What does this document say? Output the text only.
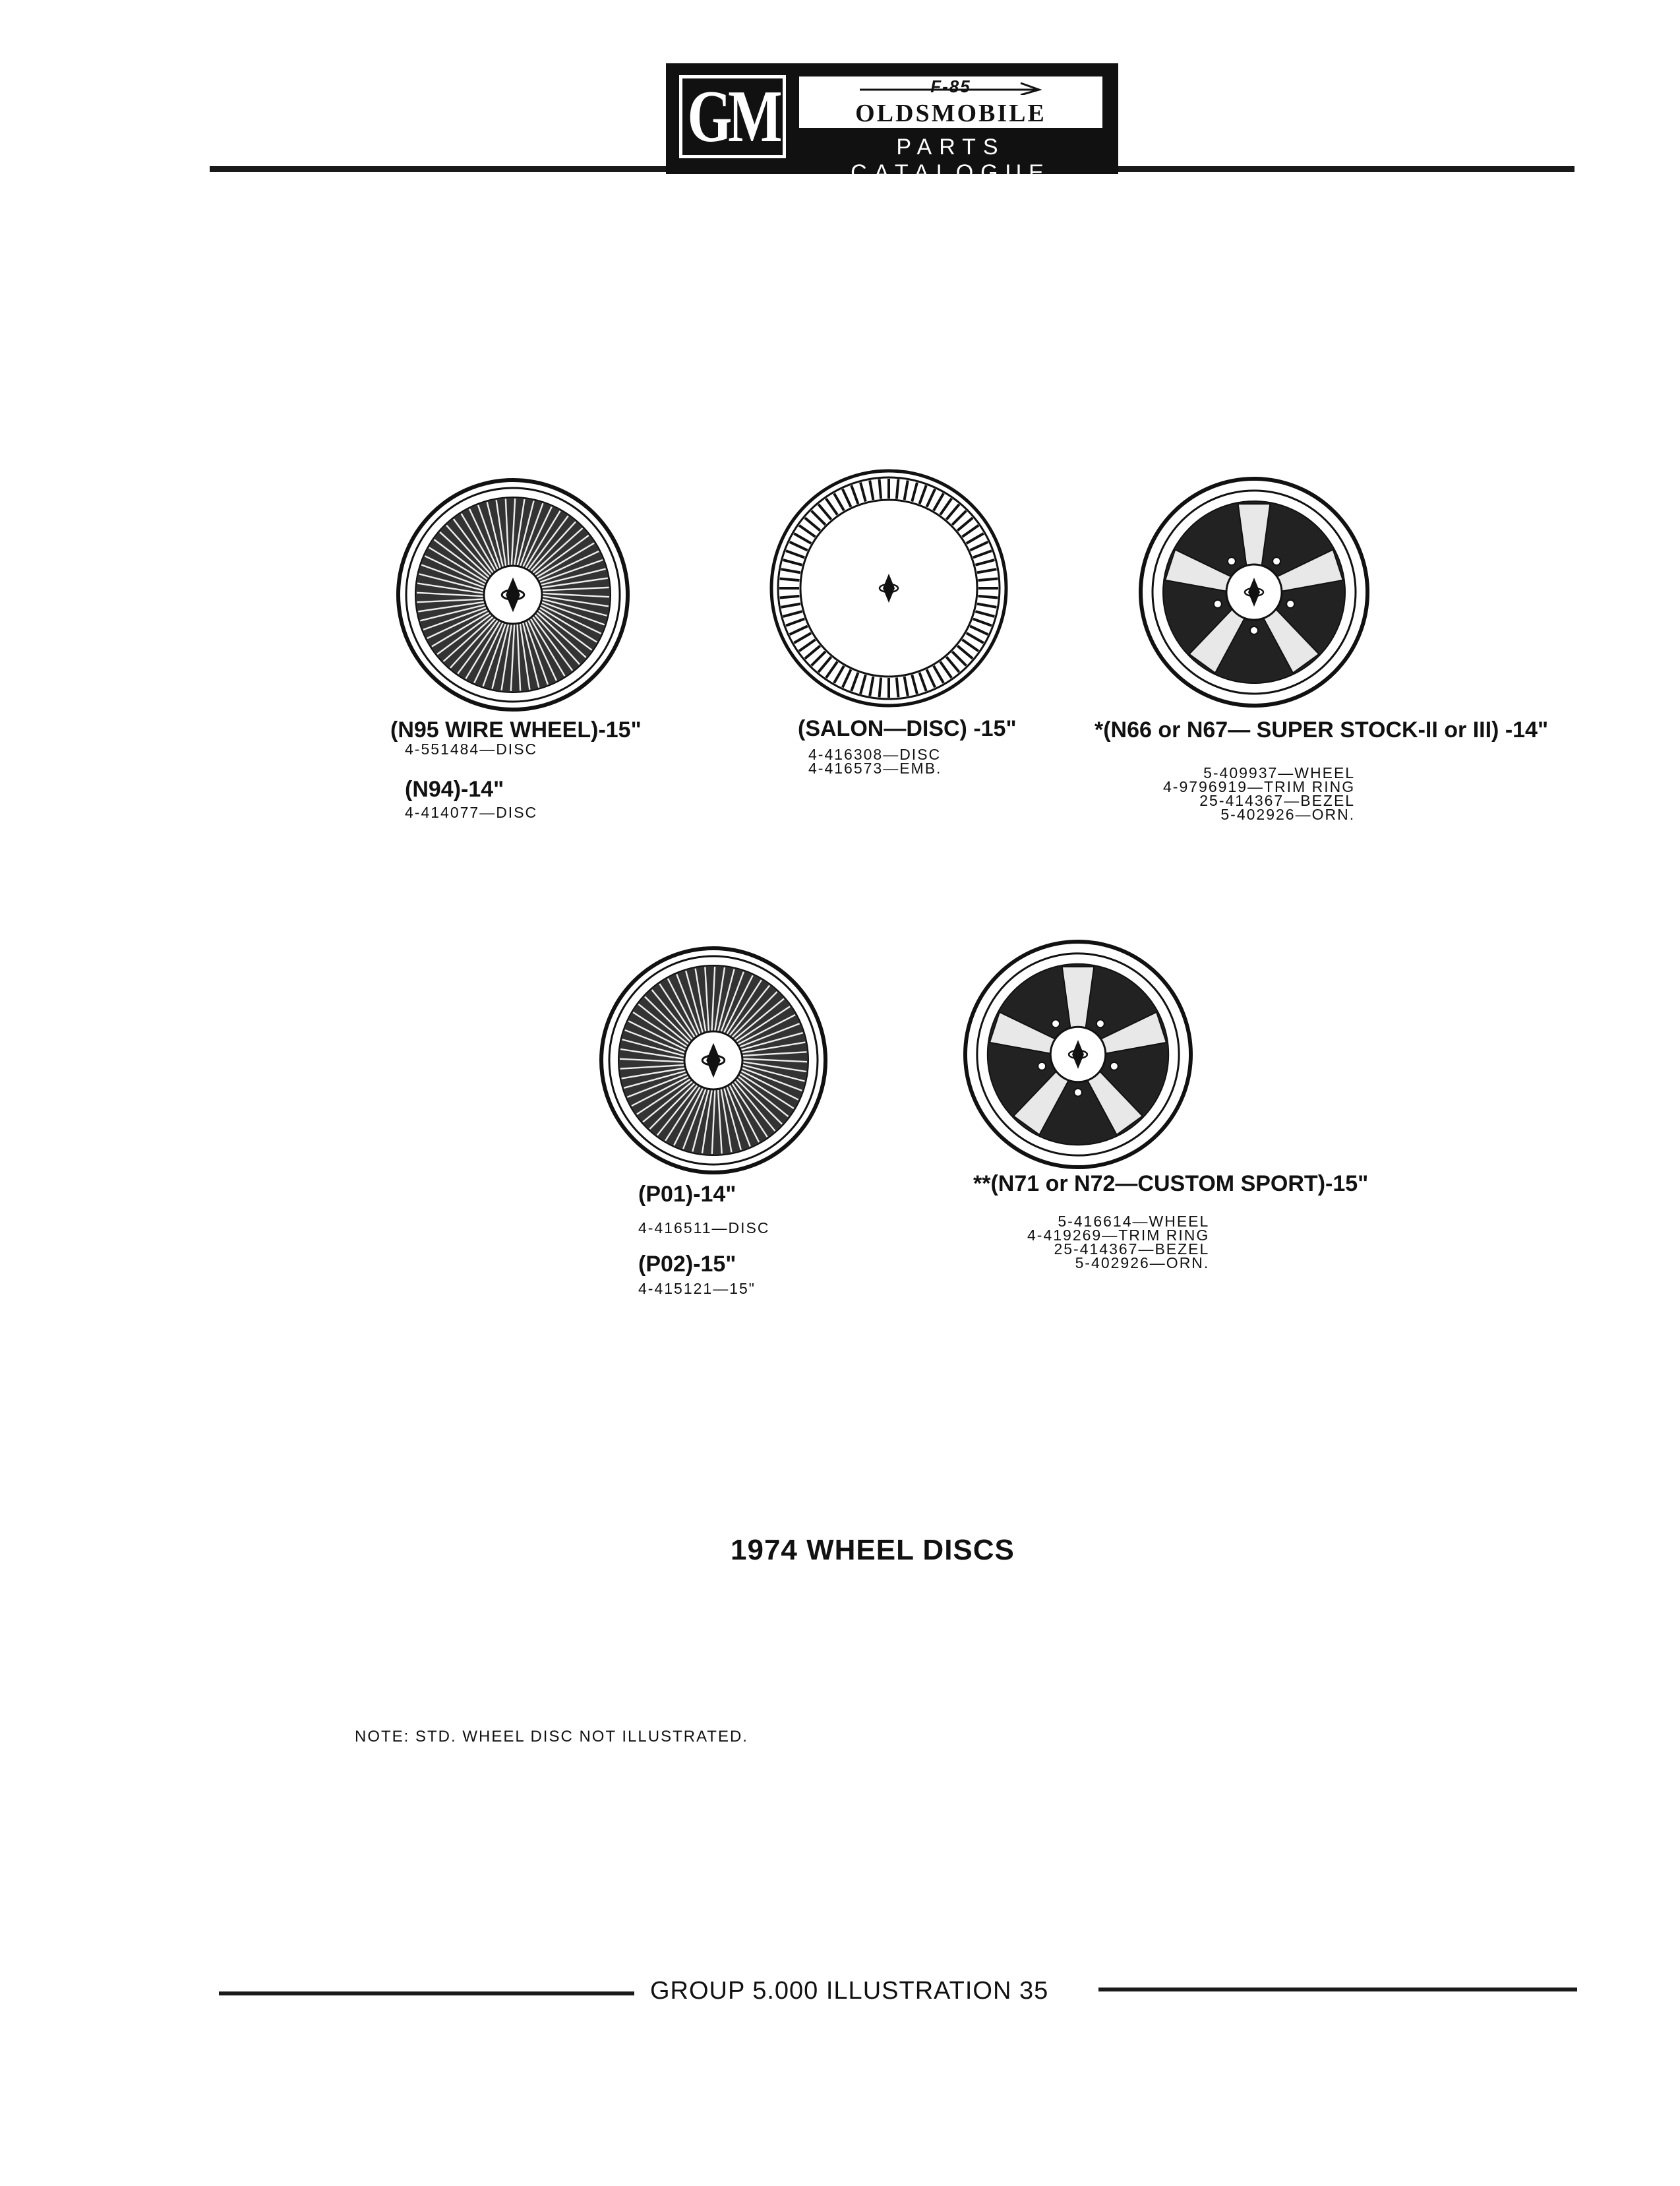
GM	F-85
OLDSMOBILE
PARTS CATALOGUE
(N95 WIRE WHEEL)-15"
4-551484—DISC
(N94)-14"
4-414077—DISC
(SALON—DISC) -15"
4-416308—DISC
4-416573—EMB.
*(N66 or N67— SUPER STOCK-II or III) -14"
5-409937—WHEEL
4-9796919—TRIM RING
25-414367—BEZEL
5-402926—ORN.
(P01)-14"
4-416511—DISC
(P02)-15"
4-415121—15"
**(N71 or N72—CUSTOM SPORT)-15"
5-416614—WHEEL
4-419269—TRIM RING
25-414367—BEZEL
5-402926—ORN.
1974 WHEEL DISCS
NOTE: STD. WHEEL DISC NOT ILLUSTRATED.
GROUP 5.000 ILLUSTRATION 35
